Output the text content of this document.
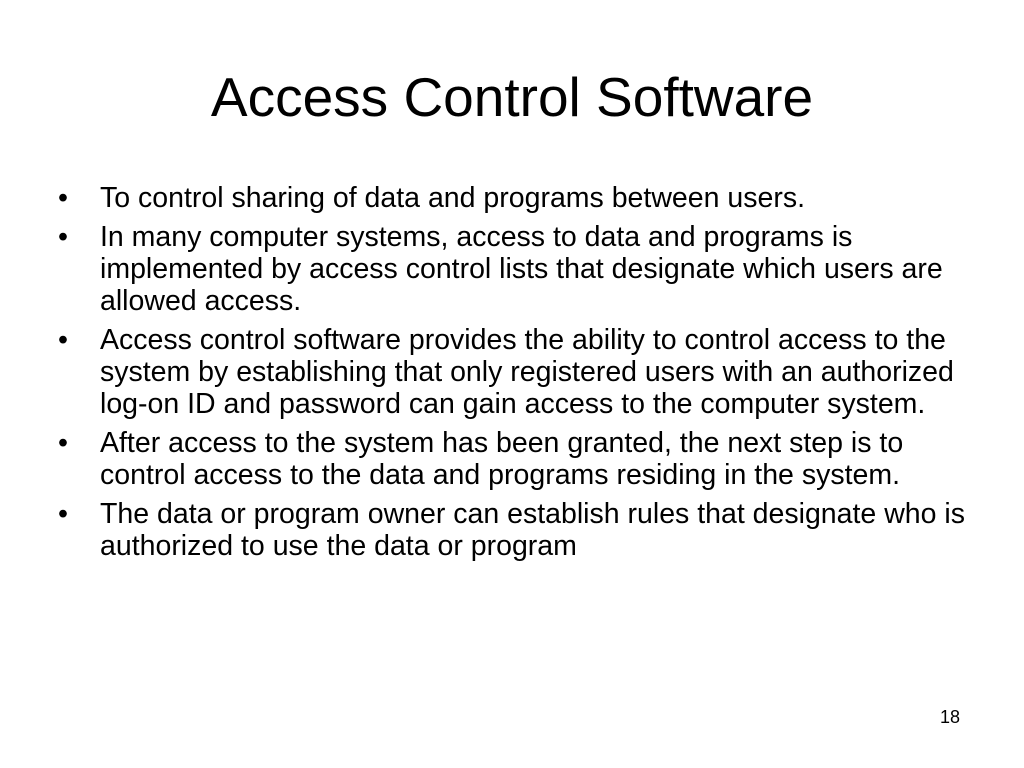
Access Control Software
•	To control sharing of data and programs between users.
•	In many computer systems, access to data and programs is implemented by access control lists that designate which users are allowed access.
•	Access control software provides the ability to control access to the system by establishing that only registered users with an authorized log-on ID and password can gain access to the computer system.
•	After access to the system has been granted, the next step is to control access to the data and programs residing in the system.
•	The data or program owner can establish rules that designate who is authorized to use the data or program
18
